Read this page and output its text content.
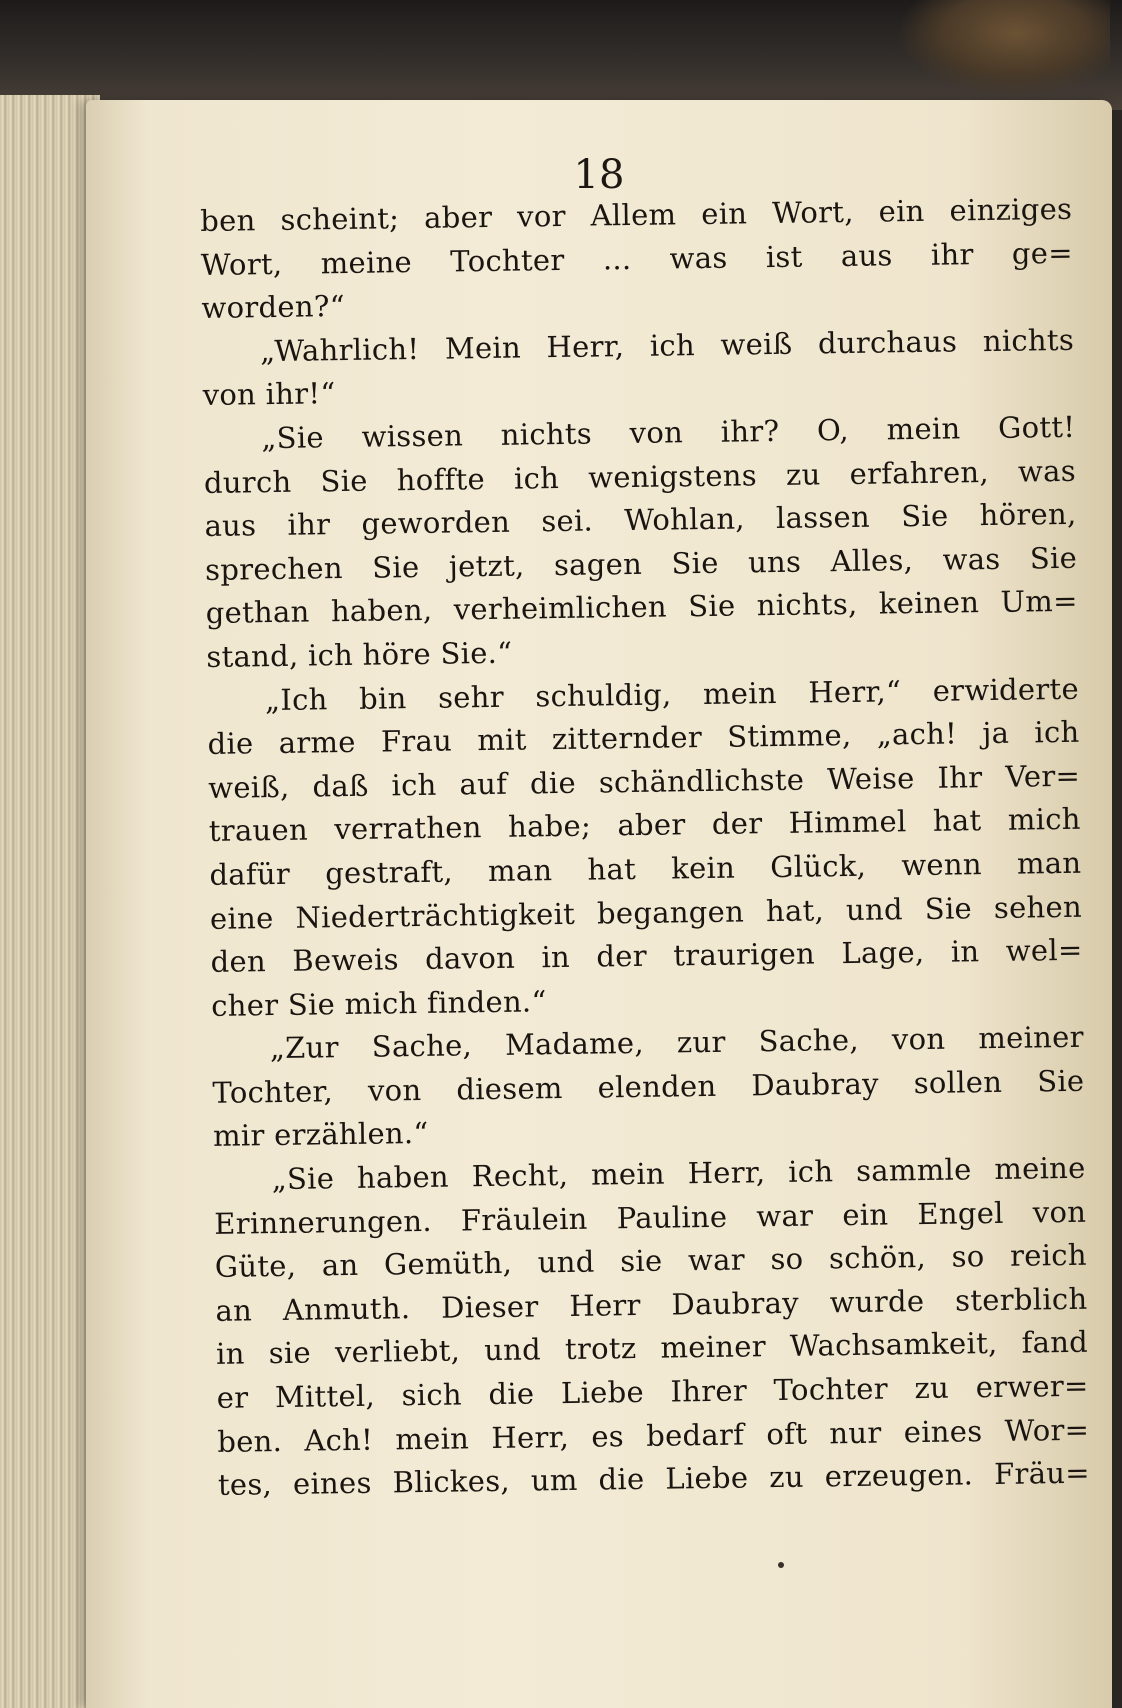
18
ben scheint; aber vor Allem ein Wort, ein einziges
Wort, meine Tochter ... was ist aus ihr ge=
worden?“
„Wahrlich! Mein Herr, ich weiß durchaus nichts
von ihr!“
„Sie wissen nichts von ihr? O, mein Gott!
durch Sie hoffte ich wenigstens zu erfahren, was
aus ihr geworden sei. Wohlan, lassen Sie hören,
sprechen Sie jetzt, sagen Sie uns Alles, was Sie
gethan haben, verheimlichen Sie nichts, keinen Um=
stand, ich höre Sie.“
„Ich bin sehr schuldig, mein Herr,“ erwiderte
die arme Frau mit zitternder Stimme, „ach! ja ich
weiß, daß ich auf die schändlichste Weise Ihr Ver=
trauen verrathen habe; aber der Himmel hat mich
dafür gestraft, man hat kein Glück, wenn man
eine Niederträchtigkeit begangen hat, und Sie sehen
den Beweis davon in der traurigen Lage, in wel=
cher Sie mich finden.“
„Zur Sache, Madame, zur Sache, von meiner
Tochter, von diesem elenden Daubray sollen Sie
mir erzählen.“
„Sie haben Recht, mein Herr, ich sammle meine
Erinnerungen. Fräulein Pauline war ein Engel von
Güte, an Gemüth, und sie war so schön, so reich
an Anmuth. Dieser Herr Daubray wurde sterblich
in sie verliebt, und trotz meiner Wachsamkeit, fand
er Mittel, sich die Liebe Ihrer Tochter zu erwer=
ben. Ach! mein Herr, es bedarf oft nur eines Wor=
tes, eines Blickes, um die Liebe zu erzeugen. Fräu=
